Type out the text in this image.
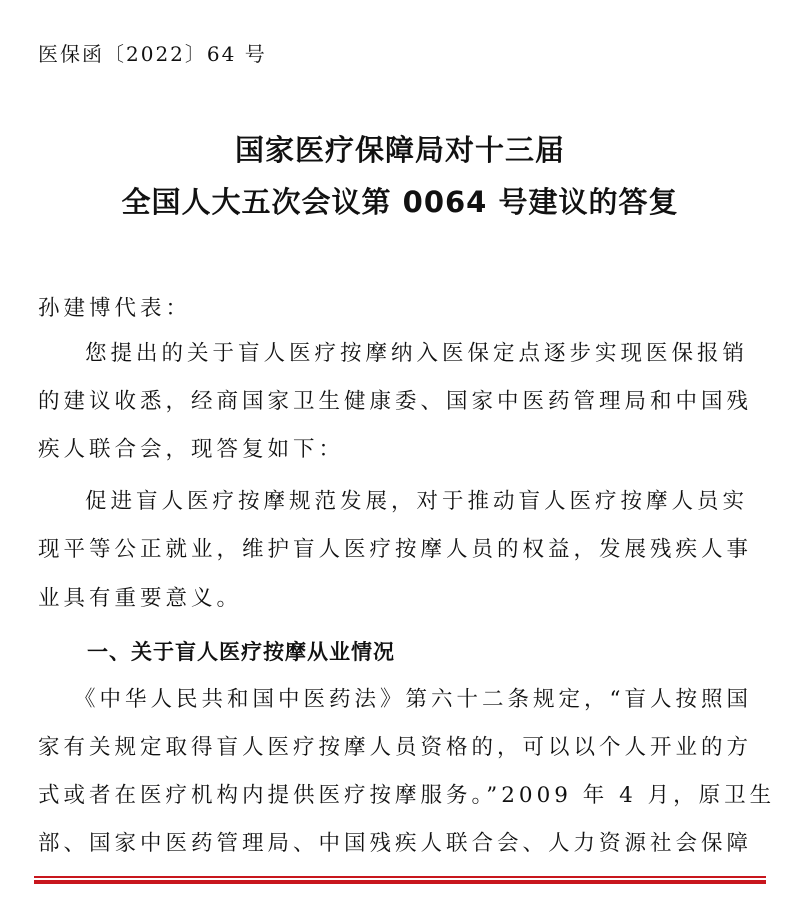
医保函〔2022〕64 号
国家医疗保障局对十三届
全国人大五次会议第 0064 号建议的答复
孙建博代表：
您提出的关于盲人医疗按摩纳入医保定点逐步实现医保报销
的建议收悉，经商国家卫生健康委、国家中医药管理局和中国残
疾人联合会，现答复如下：
促进盲人医疗按摩规范发展，对于推动盲人医疗按摩人员实
现平等公正就业，维护盲人医疗按摩人员的权益，发展残疾人事
业具有重要意义。
一、关于盲人医疗按摩从业情况
《中华人民共和国中医药法》第六十二条规定，“盲人按照国
家有关规定取得盲人医疗按摩人员资格的，可以以个人开业的方
式或者在医疗机构内提供医疗按摩服务。”2009 年 4 月，原卫生
部、国家中医药管理局、中国残疾人联合会、人力资源社会保障
